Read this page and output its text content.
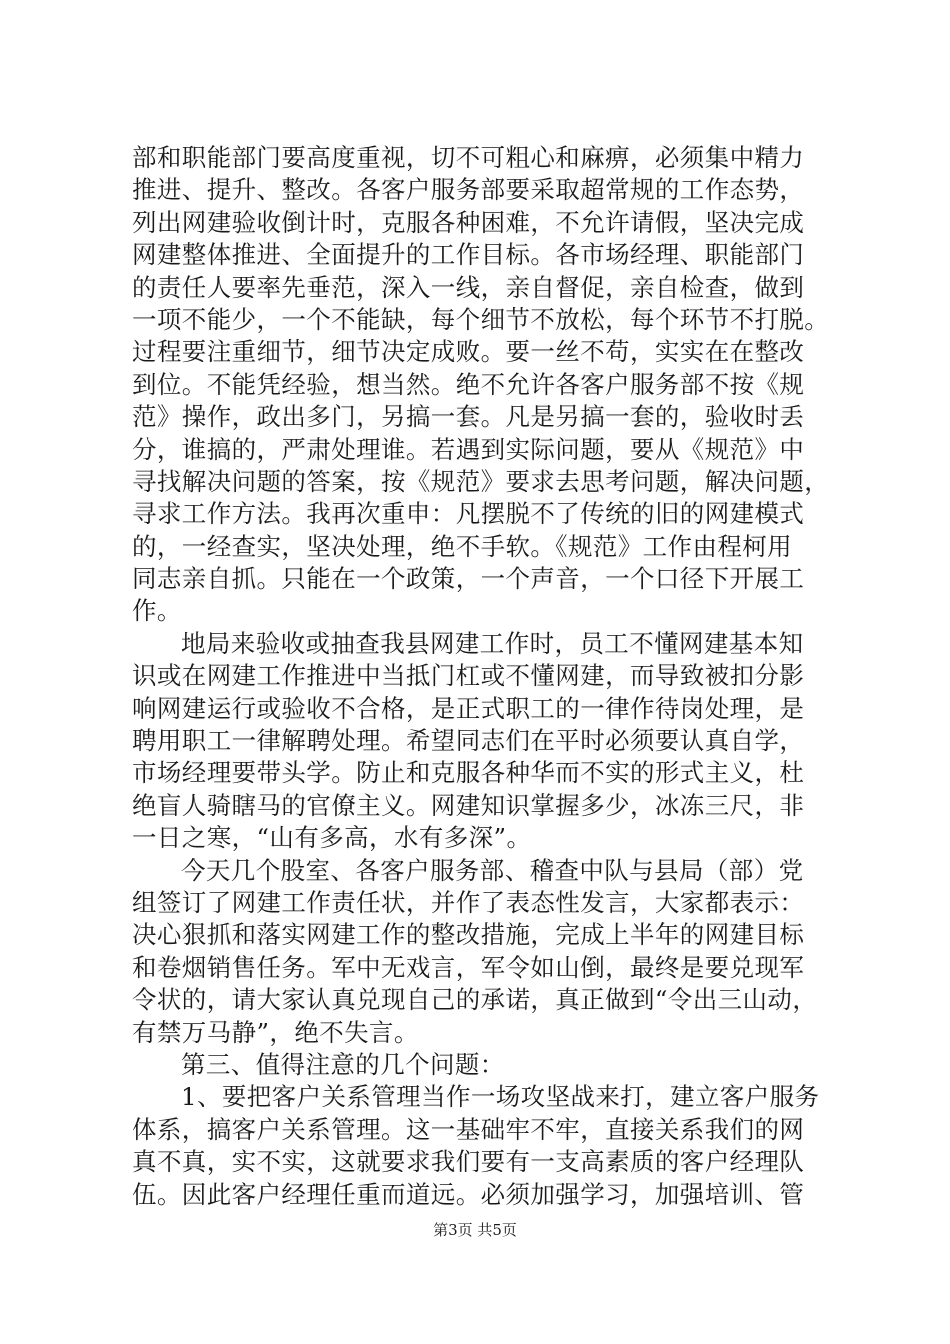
部和职能部门要高度重视，切不可粗心和麻痹，必须集中精力
推进、提升、整改。各客户服务部要采取超常规的工作态势，
列出网建验收倒计时，克服各种困难，不允许请假，坚决完成
网建整体推进、全面提升的工作目标。各市场经理、职能部门
的责任人要率先垂范，深入一线，亲自督促，亲自检查，做到
一项不能少，一个不能缺，每个细节不放松，每个环节不打脱。
过程要注重细节，细节决定成败。要一丝不苟，实实在在整改
到位。不能凭经验，想当然。绝不允许各客户服务部不按《规
范》操作，政出多门，另搞一套。凡是另搞一套的，验收时丢
分，谁搞的，严肃处理谁。若遇到实际问题，要从《规范》中
寻找解决问题的答案，按《规范》要求去思考问题，解决问题，
寻求工作方法。我再次重申：凡摆脱不了传统的旧的网建模式
的，一经查实，坚决处理，绝不手软。《规范》工作由程柯用
同志亲自抓。只能在一个政策，一个声音，一个口径下开展工
作。
地局来验收或抽查我县网建工作时，员工不懂网建基本知
识或在网建工作推进中当抵门杠或不懂网建，而导致被扣分影
响网建运行或验收不合格，是正式职工的一律作待岗处理，是
聘用职工一律解聘处理。希望同志们在平时必须要认真自学，
市场经理要带头学。防止和克服各种华而不实的形式主义，杜
绝盲人骑瞎马的官僚主义。网建知识掌握多少，冰冻三尺，非
一日之寒，“山有多高，水有多深”。
今天几个股室、各客户服务部、稽查中队与县局（部）党
组签订了网建工作责任状，并作了表态性发言，大家都表示：
决心狠抓和落实网建工作的整改措施，完成上半年的网建目标
和卷烟销售任务。军中无戏言，军令如山倒，最终是要兑现军
令状的，请大家认真兑现自己的承诺，真正做到“令出三山动，
有禁万马静”，绝不失言。
第三、值得注意的几个问题：
1、要把客户关系管理当作一场攻坚战来打，建立客户服务
体系，搞客户关系管理。这一基础牢不牢，直接关系我们的网
真不真，实不实，这就要求我们要有一支高素质的客户经理队
伍。因此客户经理任重而道远。必须加强学习，加强培训、管
第3页 共5页
